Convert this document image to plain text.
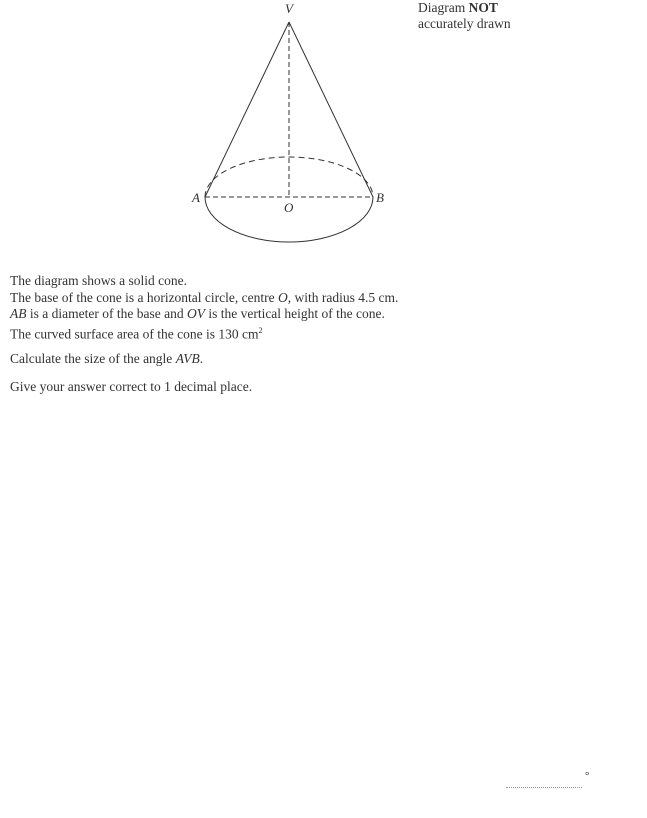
V
A	B
O
Diagram NOT
accurately drawn
The diagram shows a solid cone.
The base of the cone is a horizontal circle, centre O, with radius 4.5 cm.
AB is a diameter of the base and OV is the vertical height of the cone.
The curved surface area of the cone is 130 $cm^2$
Calculate the size of the angle AVB.
Give your answer correct to 1 decimal place.
°
